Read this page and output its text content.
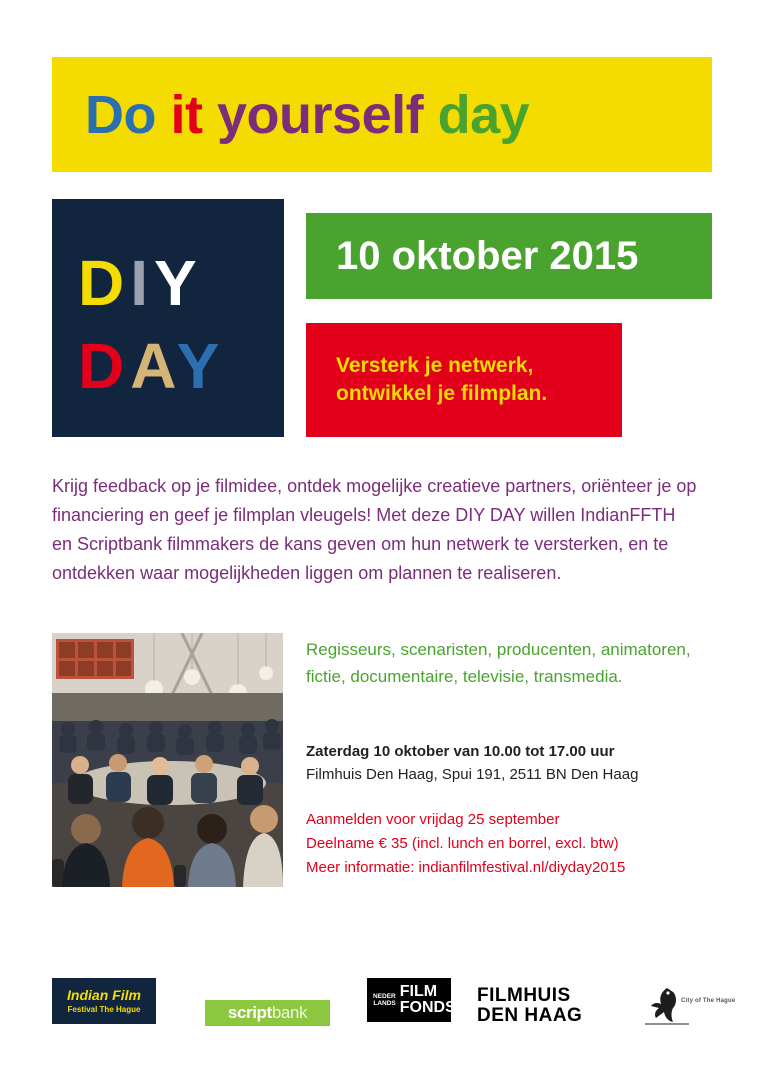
Do it yourself day
DIY
DAY
10 oktober 2015
Versterk je netwerk,
ontwikkel je filmplan.
Krijg feedback op je filmidee, ontdek mogelijke creatieve partners, oriënteer je op financiering en geef je filmplan vleugels! Met deze DIY DAY willen IndianFFTH en Scriptbank filmmakers de kans geven om hun netwerk te versterken, en te ontdekken waar mogelijkheden liggen om plannen te realiseren.
Regisseurs, scenaristen, producenten, animatoren, fictie, documentaire, televisie, transmedia.
Zaterdag 10 oktober van 10.00 tot 17.00 uur
Filmhuis Den Haag, Spui 191, 2511 BN Den Haag
Aanmelden voor vrijdag 25 september
Deelname € 35 (incl. lunch en borrel, excl. btw)
Meer informatie: indianfilmfestival.nl/diyday2015
Indian Film
Festival The Hague	scriptbank
NEDER
LANDS
FILM
FONDS
FILMHUIS
DEN HAAG
City of The Hague
